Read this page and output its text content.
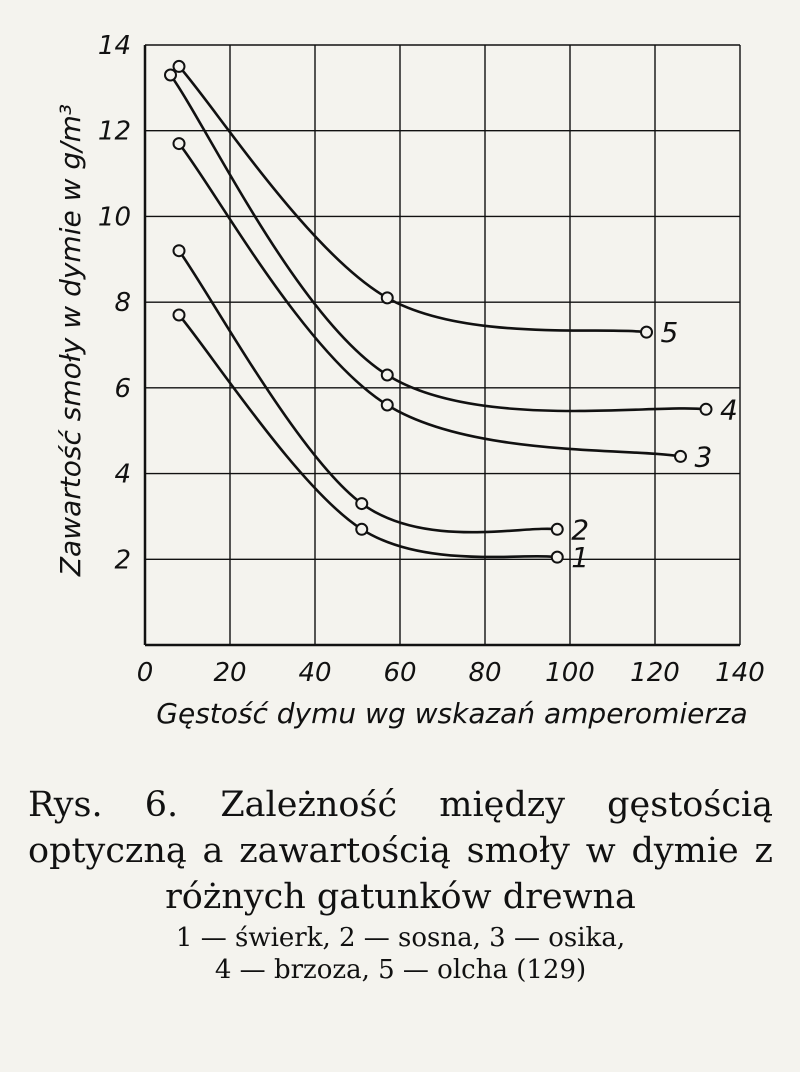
1
2
3
4
5
0 20 40 60 80 100 120 140
2
4
6
8
10
12
14
Gęstość dymu wg wskazań amperomierza
Zawartość smoły w dymie w g/m³
Rys. 6. Zależność między gęstością optyczną a zawartością smoły w dymie z różnych gatunków drewna
1 — świerk, 2 — sosna, 3 — osika,
4 — brzoza, 5 — olcha (129)
